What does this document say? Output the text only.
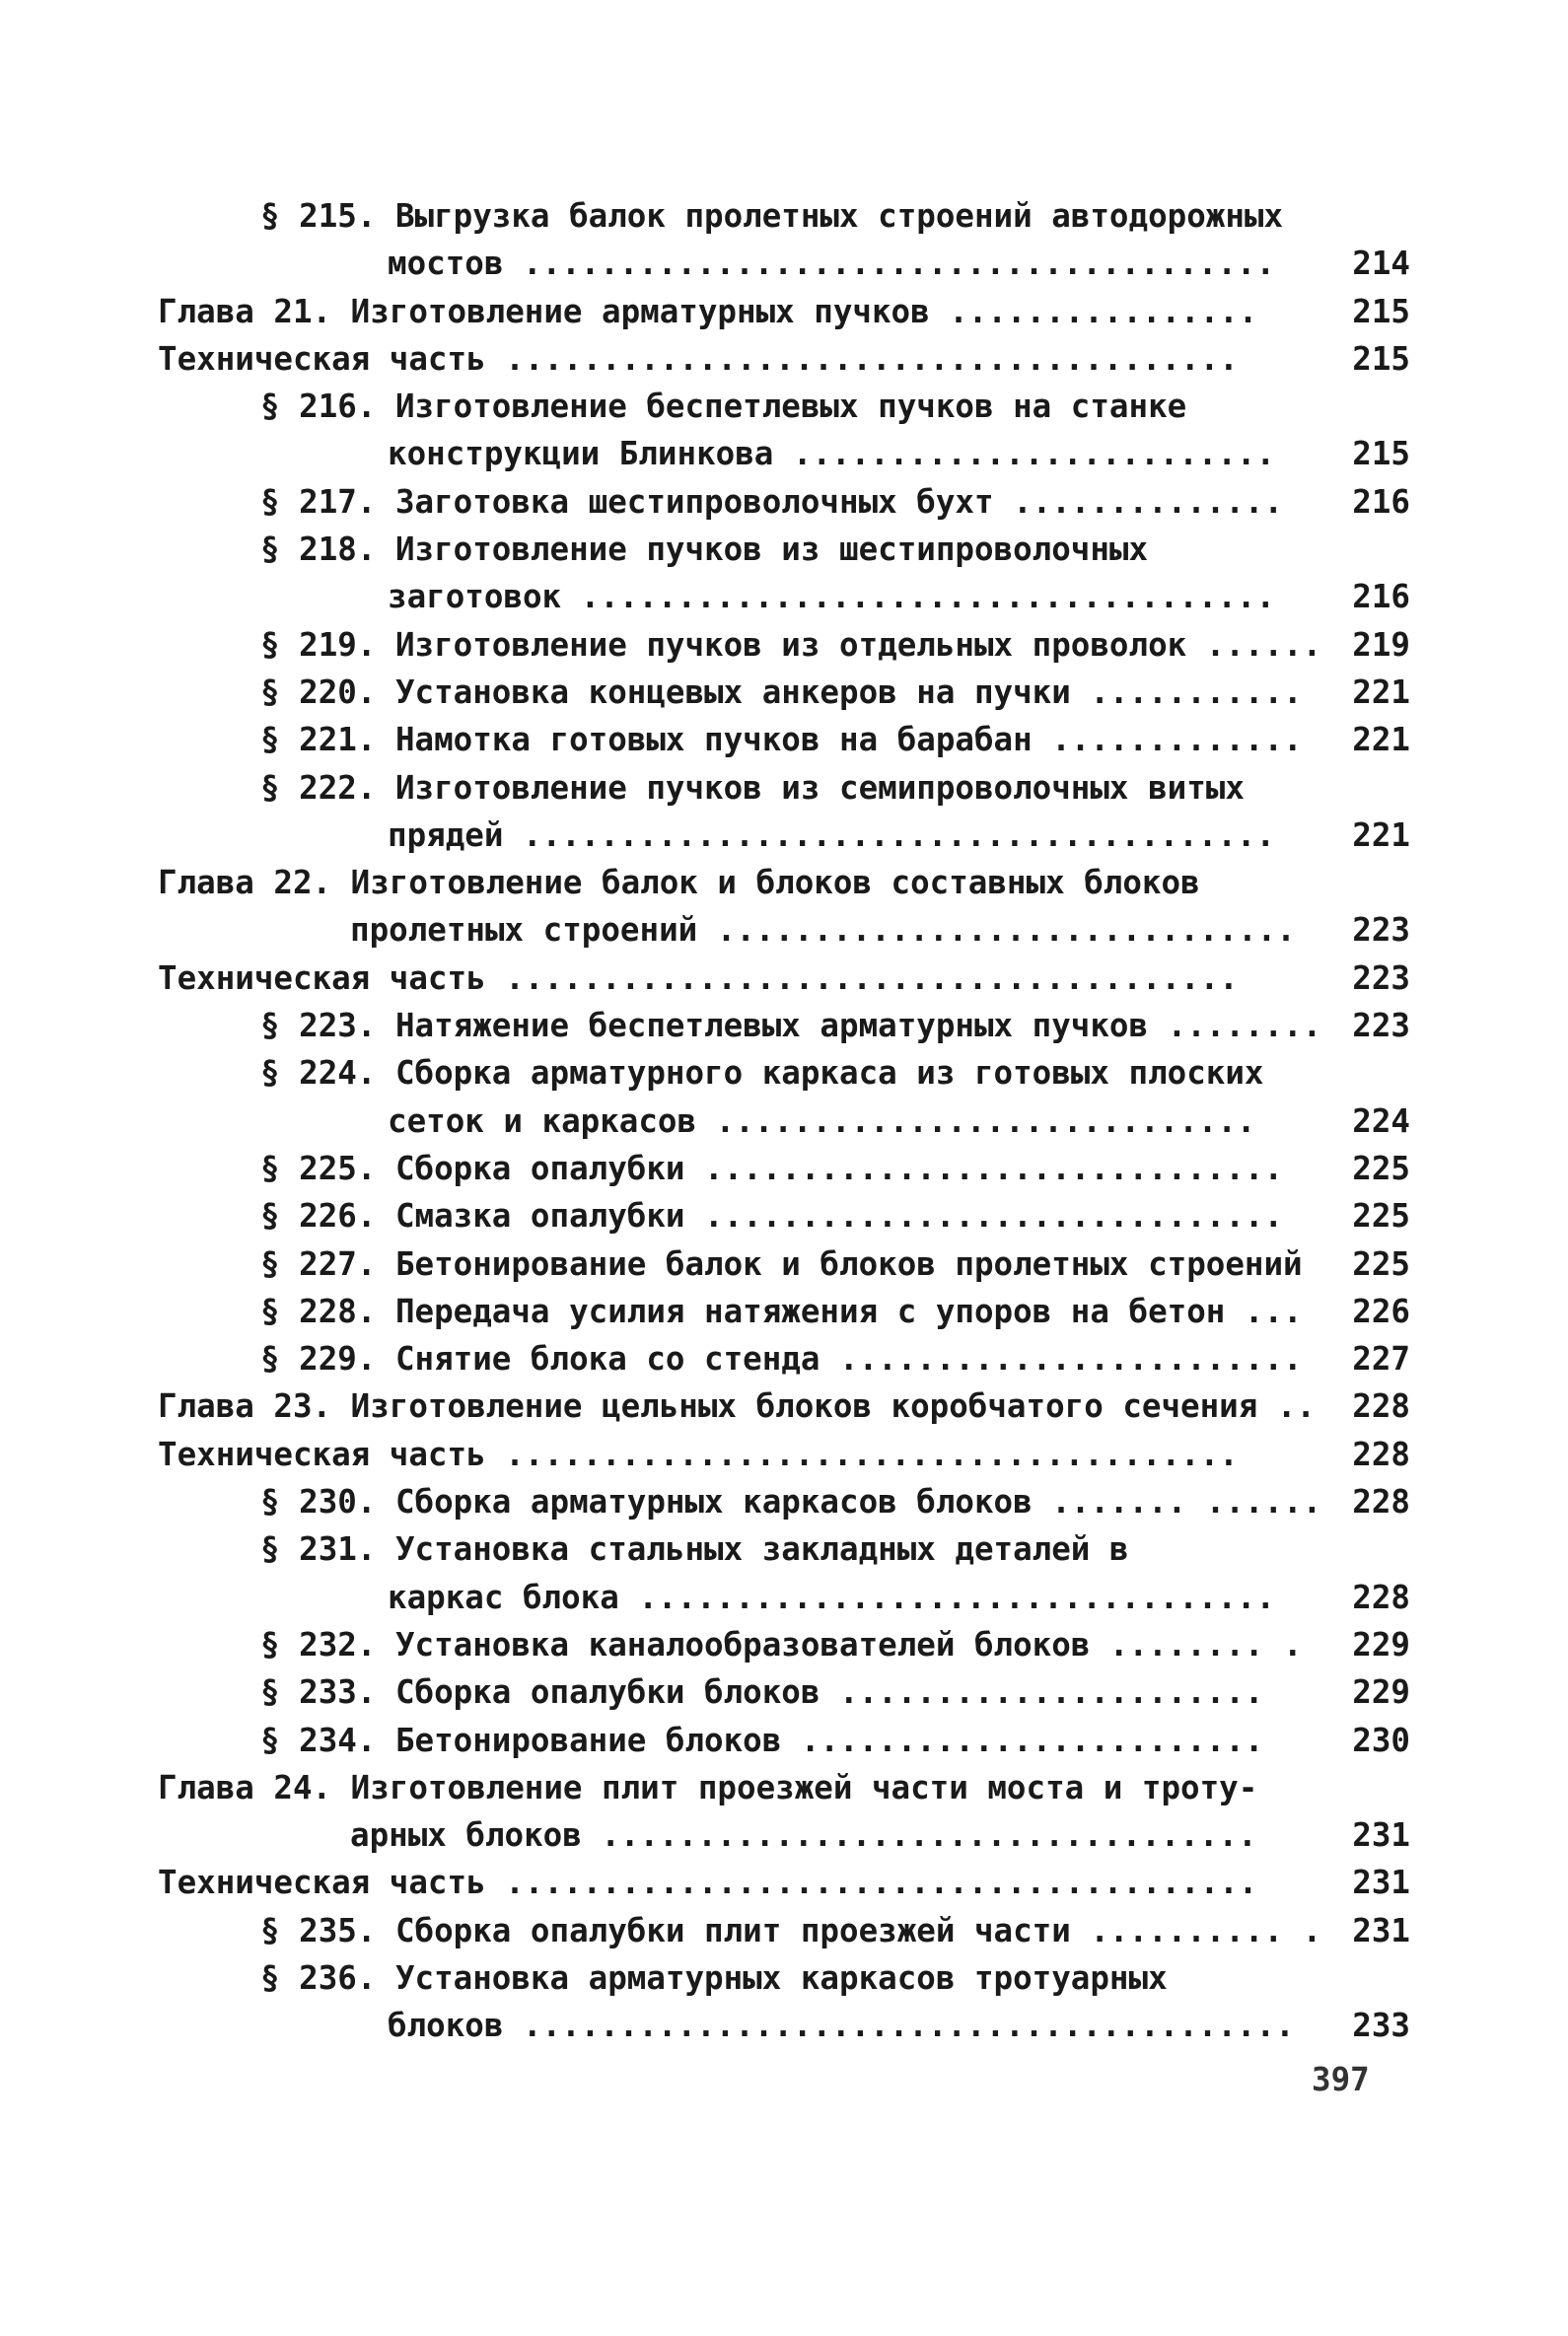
§ 215. Выгрузка балок пролетных строений автодорожных
мостов ....................................... 214
Глава 21. Изготовление арматурных пучков ................	215
Техническая часть ......................................	215
§ 216. Изготовление беспетлевых пучков на станке
конструкции Блинкова ......................... 215
§ 217. Заготовка шестипроволочных бухт .............. 216
§ 218. Изготовление пучков из шестипроволочных
заготовок .................................... 216
§ 219. Изготовление пучков из отдельных проволок ...... 219
§ 220. Установка концевых анкеров на пучки ........... 221
§ 221. Намотка готовых пучков на барабан ............. 221
§ 222. Изготовление пучков из семипроволочных витых
прядей ....................................... 221
Глава 22. Изготовление балок и блоков составных блоков
пролетных строений .............................. 223
Техническая часть ......................................	223
§ 223. Натяжение беспетлевых арматурных пучков ........ 223
§ 224. Сборка арматурного каркаса из готовых плоских
сеток и каркасов ............................	224
§ 225. Сборка опалубки .............................. 225
§ 226. Смазка опалубки .............................. 225
§ 227. Бетонирование балок и блоков пролетных строений 225
§ 228. Передача усилия натяжения с упоров на бетон ... 226
§ 229. Снятие блока со стенда ........................ 227
Глава 23. Изготовление цельных блоков коробчатого сечения .. 228
Техническая часть ......................................	228
§ 230. Сборка арматурных каркасов блоков ....... ...... 228
§ 231. Установка стальных закладных деталей в
каркас блока ................................. 228
§ 232. Установка каналообразователей блоков ........ . 229
§ 233. Сборка опалубки блоков ......................	229
§ 234. Бетонирование блоков ........................	230
Глава 24. Изготовление плит проезжей части моста и троту-
арных блоков ..................................	231
Техническая часть .......................................	231
§ 235. Сборка опалубки плит проезжей части .......... . 231
§ 236. Установка арматурных каркасов тротуарных
блоков ........................................ 233
397
